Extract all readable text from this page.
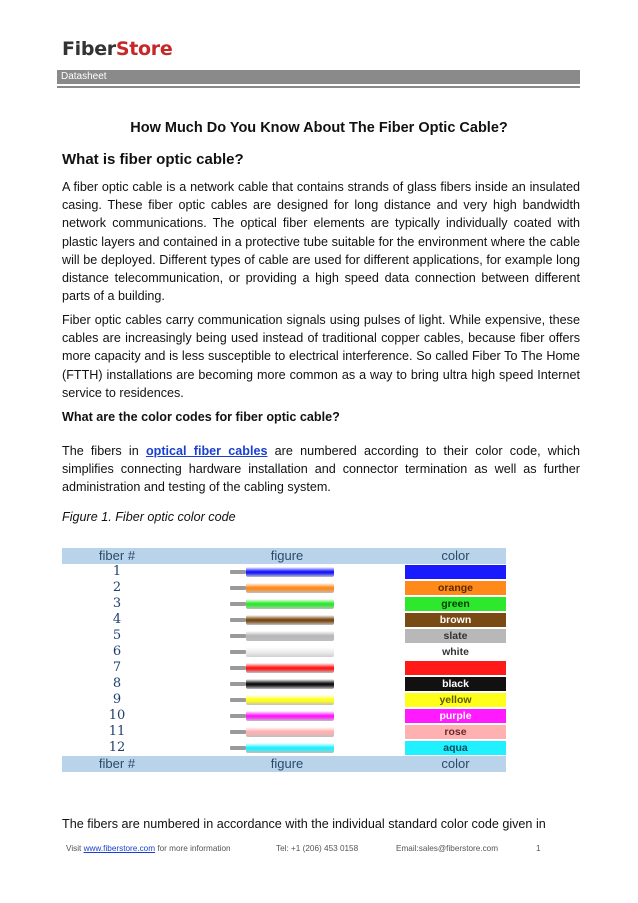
FiberStore
Datasheet
How Much Do You Know About The Fiber Optic Cable?
What is fiber optic cable?

A fiber optic cable is a network cable that contains strands of glass fibers inside an insulated casing. These fiber optic cables are designed for long distance and very high bandwidth network communications. The optical fiber elements are typically individually coated with plastic layers and contained in a protective tube suitable for the environment where the cable will be deployed. Different types of cable are used for different applications, for example long distance telecommunication, or providing a high speed data connection between different parts of a building.

Fiber optic cables carry communication signals using pulses of light. While expensive, these cables are increasingly being used instead of traditional copper cables, because fiber offers more capacity and is less susceptible to electrical interference. So called Fiber To The Home (FTTH) installations are becoming more common as a way to bring ultra high speed Internet service to residences.

What are the color codes for fiber optic cable?

The fibers in optical fiber cables are numbered according to their color code, which simplifies connecting hardware installation and connector termination as well as further administration and testing of the cabling system.

Figure 1. Fiber optic color code
fiber #	figure	color
1	blue
2	orange
3	green
4	brown
5	slate
6	white
7	red
8	black
9	yellow
10	purple
11	rose
12	aqua
fiber #	figure	color

The fibers are numbered in accordance with the individual standard color code given in

Visit www.fiberstore.com for more information	Tel: +1 (206) 453 0158	Email:sales@fiberstore.com	1
